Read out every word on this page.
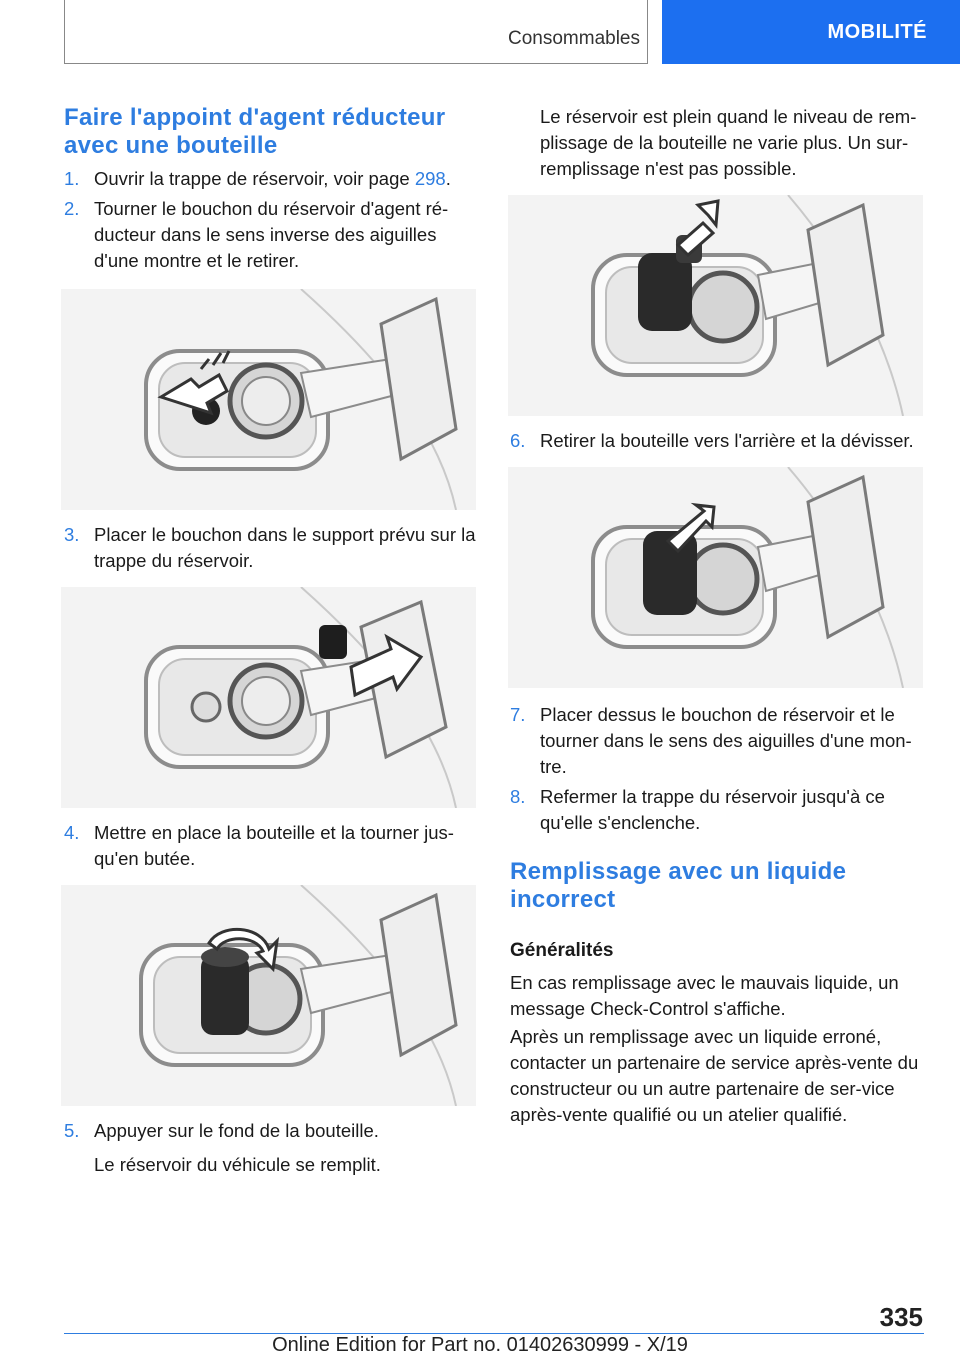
Consommables	MOBILITÉ
Faire l'appoint d'agent réducteur avec une bouteille
1. Ouvrir la trappe de réservoir, voir page 298.
2. Tourner le bouchon du réservoir d'agent ré-ducteur dans le sens inverse des aiguilles d'une montre et le retirer.
3. Placer le bouchon dans le support prévu sur la trappe du réservoir.
4. Mettre en place la bouteille et la tourner jus-qu'en butée.
5. Appuyer sur le fond de la bouteille.
Le réservoir du véhicule se remplit.
Le réservoir est plein quand le niveau de rem-plissage de la bouteille ne varie plus. Un sur-remplissage n'est pas possible.
6. Retirer la bouteille vers l'arrière et la dévisser.
7. Placer dessus le bouchon de réservoir et le tourner dans le sens des aiguilles d'une mon-tre.
8. Refermer la trappe du réservoir jusqu'à ce qu'elle s'enclenche.
Remplissage avec un liquide incorrect
Généralités
En cas remplissage avec le mauvais liquide, un message Check-Control s'affiche.
Après un remplissage avec un liquide erroné, contacter un partenaire de service après-vente du constructeur ou un autre partenaire de ser-vice après-vente qualifié ou un atelier qualifié.
335
Online Edition for Part no. 01402630999 - X/19
